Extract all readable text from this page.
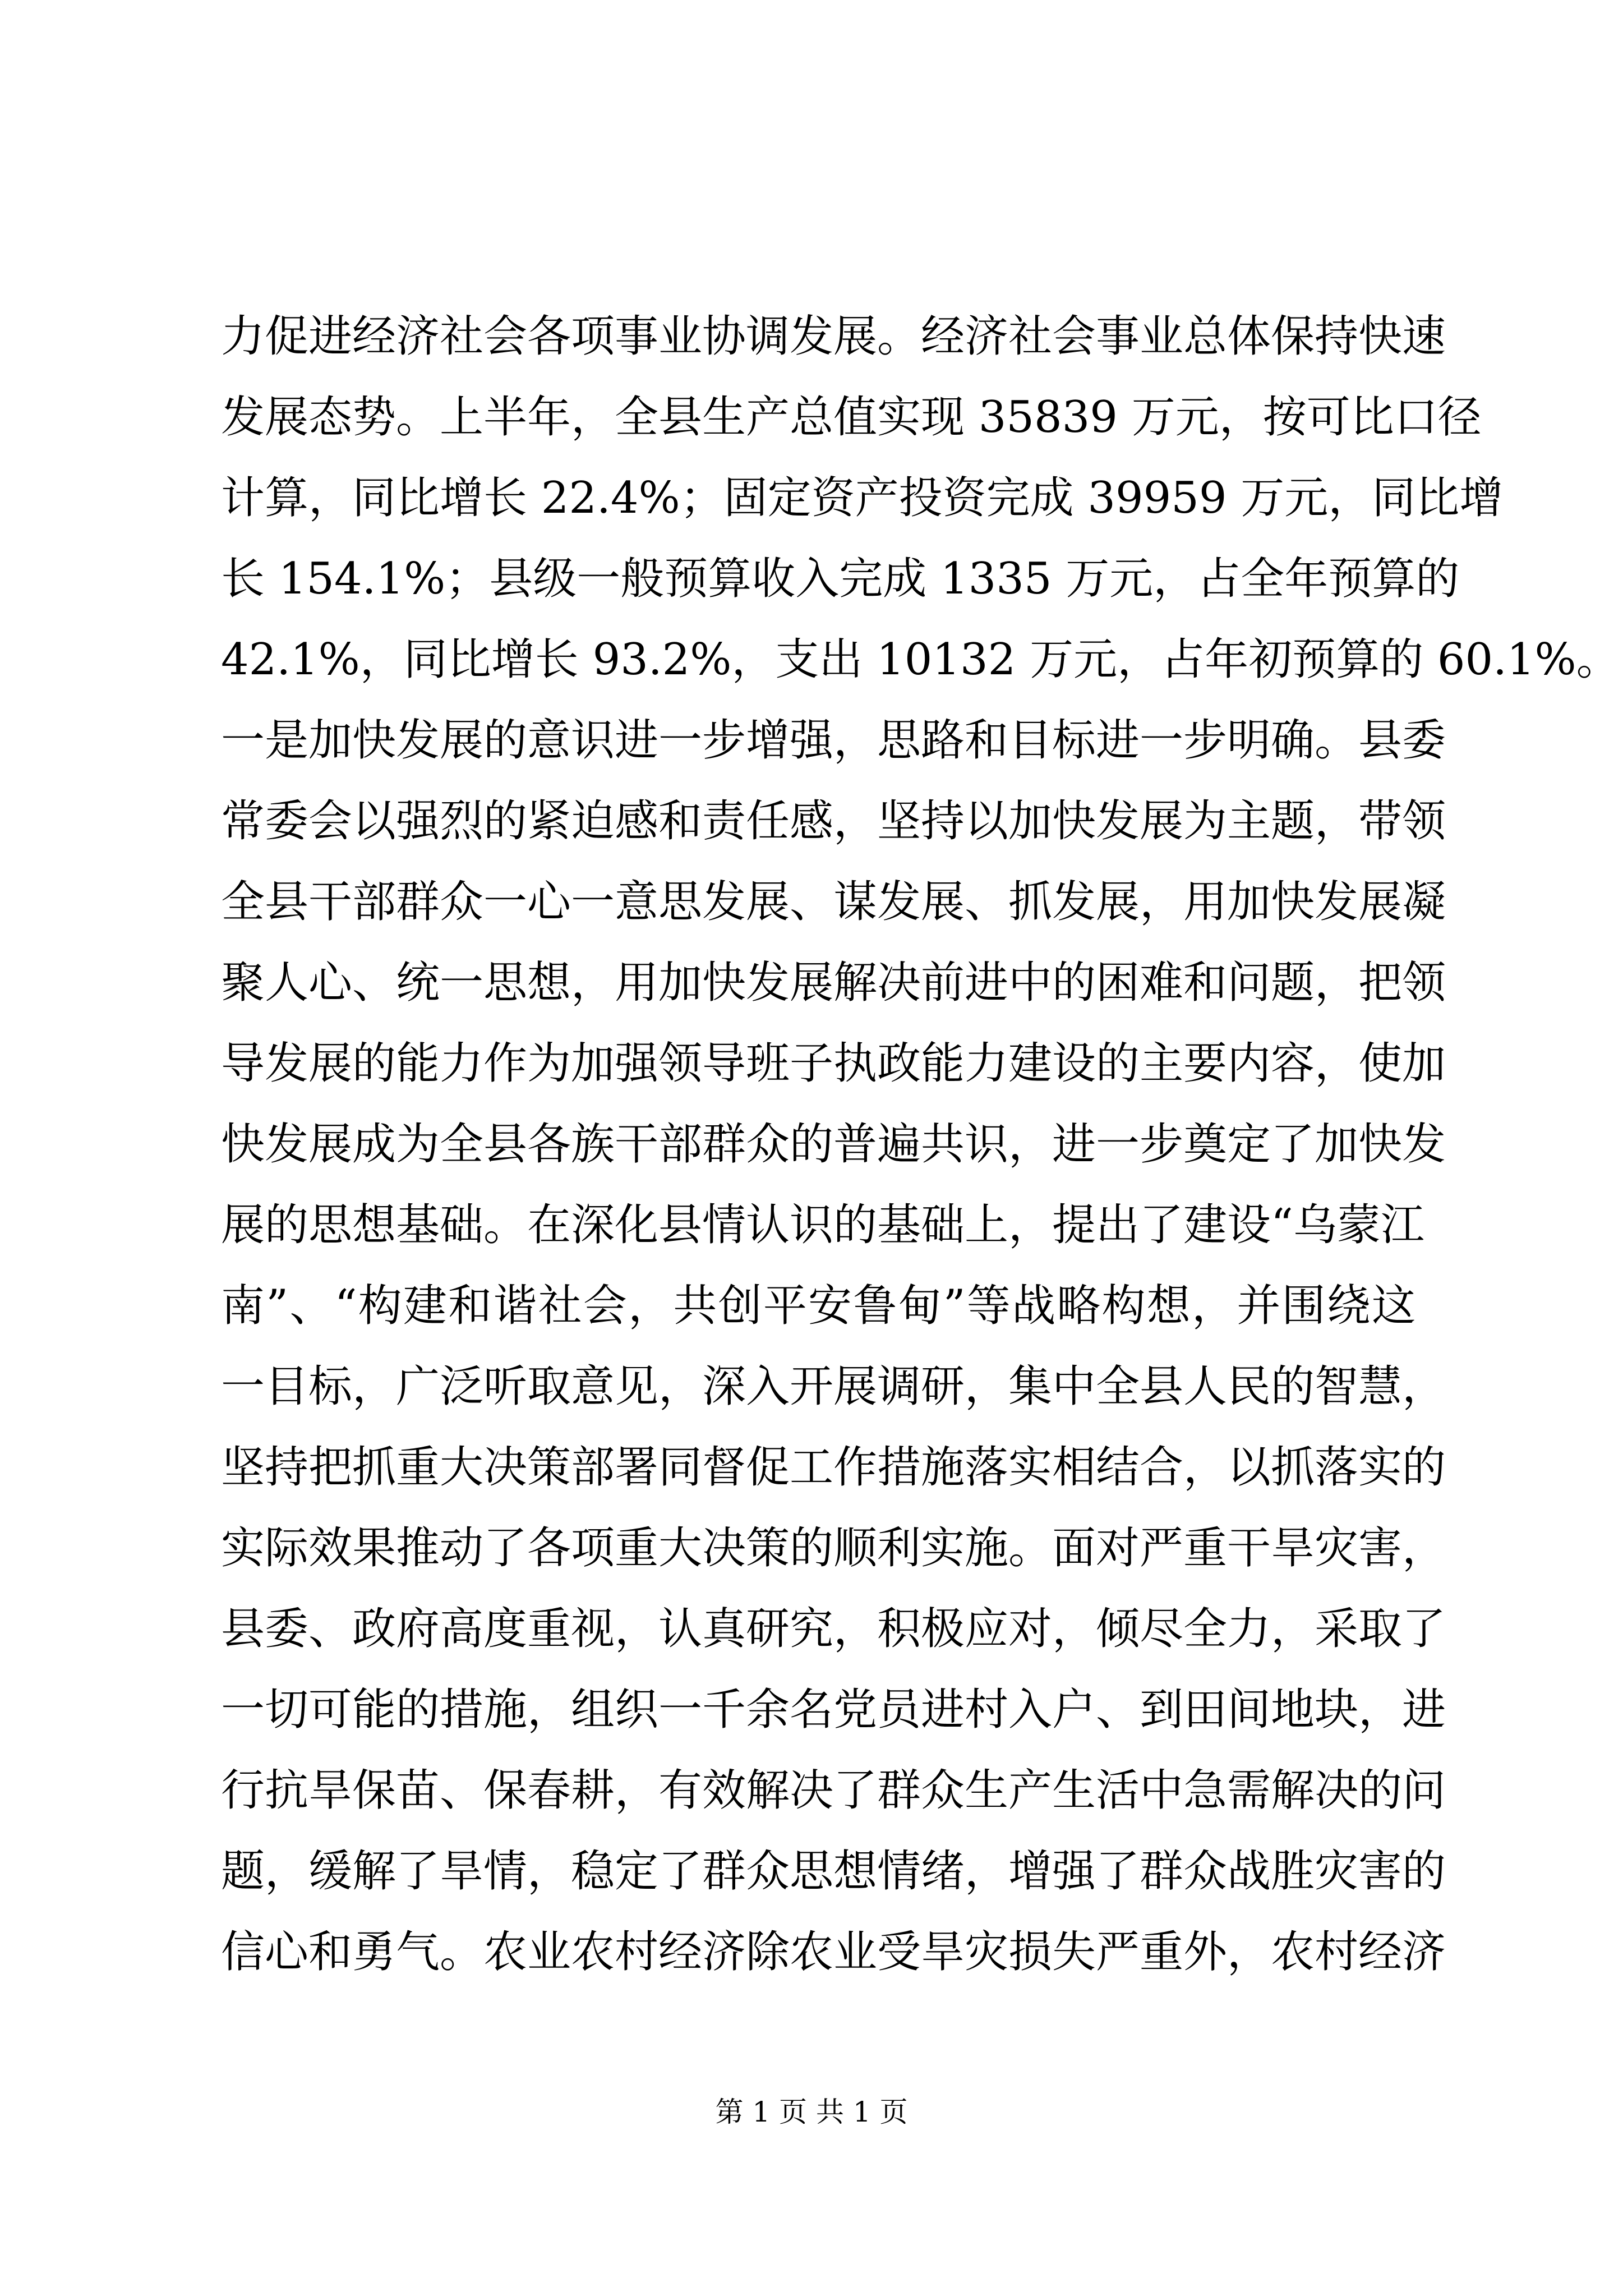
力促进经济社会各项事业协调发展。经济社会事业总体保持快速
发展态势。上半年，全县生产总值实现 35839 万元，按可比口径
计算，同比增长 22.4%；固定资产投资完成 39959 万元，同比增
长 154.1%；县级一般预算收入完成 1335 万元，占全年预算的
42.1%，同比增长 93.2%，支出 10132 万元，占年初预算的 60.1%。
一是加快发展的意识进一步增强，思路和目标进一步明确。县委
常委会以强烈的紧迫感和责任感，坚持以加快发展为主题，带领
全县干部群众一心一意思发展、谋发展、抓发展，用加快发展凝
聚人心、统一思想，用加快发展解决前进中的困难和问题，把领
导发展的能力作为加强领导班子执政能力建设的主要内容，使加
快发展成为全县各族干部群众的普遍共识，进一步奠定了加快发
展的思想基础。在深化县情认识的基础上，提出了建设“乌蒙江
南”、“构建和谐社会，共创平安鲁甸”等战略构想，并围绕这
一目标，广泛听取意见，深入开展调研，集中全县人民的智慧，
坚持把抓重大决策部署同督促工作措施落实相结合，以抓落实的
实际效果推动了各项重大决策的顺利实施。面对严重干旱灾害，
县委、政府高度重视，认真研究，积极应对，倾尽全力，采取了
一切可能的措施，组织一千余名党员进村入户、到田间地块，进
行抗旱保苗、保春耕，有效解决了群众生产生活中急需解决的问
题，缓解了旱情，稳定了群众思想情绪，增强了群众战胜灾害的
信心和勇气。农业农村经济除农业受旱灾损失严重外，农村经济
第 1 页 共 1 页
